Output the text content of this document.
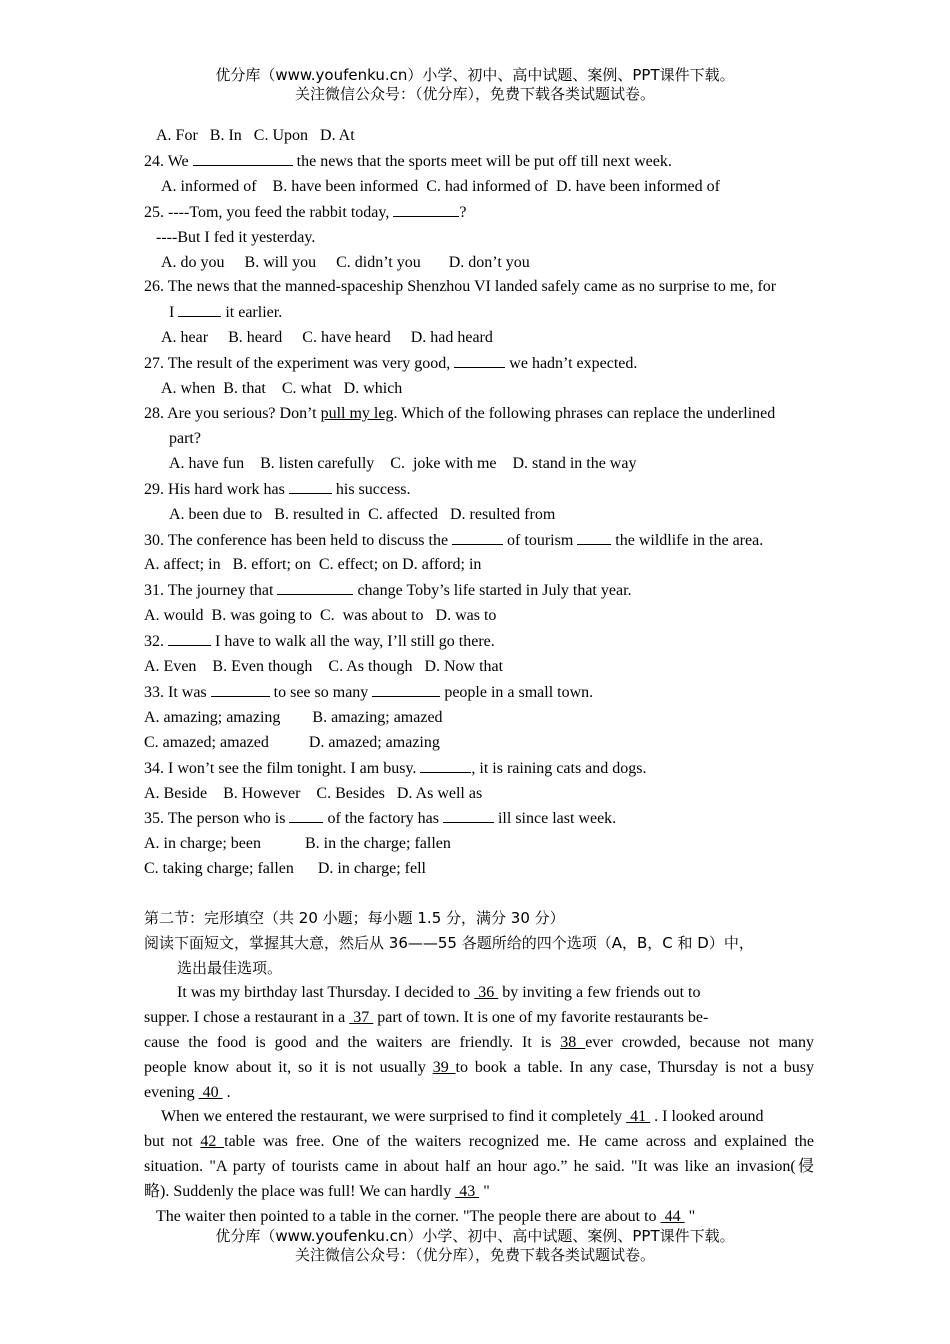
优分库（www.youfenku.cn）小学、初中、高中试题、案例、PPT课件下载。
关注微信公众号：（优分库），免费下载各类试题试卷。
A. For   B. In   C. Upon   D. At
24. We	the news that the sports meet will be put off till next week.
A. informed of    B. have been informed  C. had informed of  D. have been informed of
25. ----Tom, you feed the rabbit today,	?
----But I fed it yesterday.
A. do you     B. will you     C. didn’t you       D. don’t you
26. The news that the manned-spaceship Shenzhou VI landed safely came as no surprise to me, for
I	it earlier.
A. hear     B. heard     C. have heard     D. had heard
27. The result of the experiment was very good,	we hadn’t expected.
A. when  B. that    C. what   D. which
28. Are you serious? Don’t pull my leg. Which of the following phrases can replace the underlined
part?
A. have fun    B. listen carefully    C.  joke with me    D. stand in the way
29. His hard work has	his success.
A. been due to   B. resulted in  C. affected   D. resulted from
30. The conference has been held to discuss the	of tourism  the wildlife in the area.
A. affect; in   B. effort; on  C. effect; on D. afford; in
31. The journey that	change Toby’s life started in July that year.
A. would  B. was going to  C.  was about to   D. was to
32.	I have to walk all the way, I’ll still go there.
A. Even    B. Even though    C. As though   D. Now that
33. It was	to see so many	people in a small town.
A. amazing; amazing        B. amazing; amazed
C. amazed; amazed          D. amazed; amazing
34. I won’t see the film tonight. I am busy.	, it is raining cats and dogs.
A. Beside    B. However    C. Besides   D. As well as
35. The person who is  of the factory has	ill since last week.
A. in charge; been           B. in the charge; fallen
C. taking charge; fallen      D. in charge; fell
第二节：完形填空（共 20 小题；每小题 1.5 分，满分 30 分）
阅读下面短文，掌握其大意，然后从 36——55 各题所给的四个选项（A，B，C 和 D）中，
选出最佳选项。
It was my birthday last Thursday. I decided to  36  by inviting a few friends out to
supper. I chose a restaurant in a  37  part of town. It is one of my favorite restaurants be-
cause the food is good and the waiters are friendly. It is 38 ever crowded, because not many
people know about it, so it is not usually 39 to book a table. In any case, Thursday is not a busy
evening  40  .
When we entered the restaurant, we were surprised to find it completely  41  . I looked around
but not 42 table was free. One of the waiters recognized me. He came across and explained the
situation. "A party of tourists came in about half an hour ago.” he said. "It was like an invasion(侵
略). Suddenly the place was full! We can hardly  43  "
The waiter then pointed to a table in the corner. "The people there are about to  44  "
优分库（www.youfenku.cn）小学、初中、高中试题、案例、PPT课件下载。
关注微信公众号：（优分库），免费下载各类试题试卷。
